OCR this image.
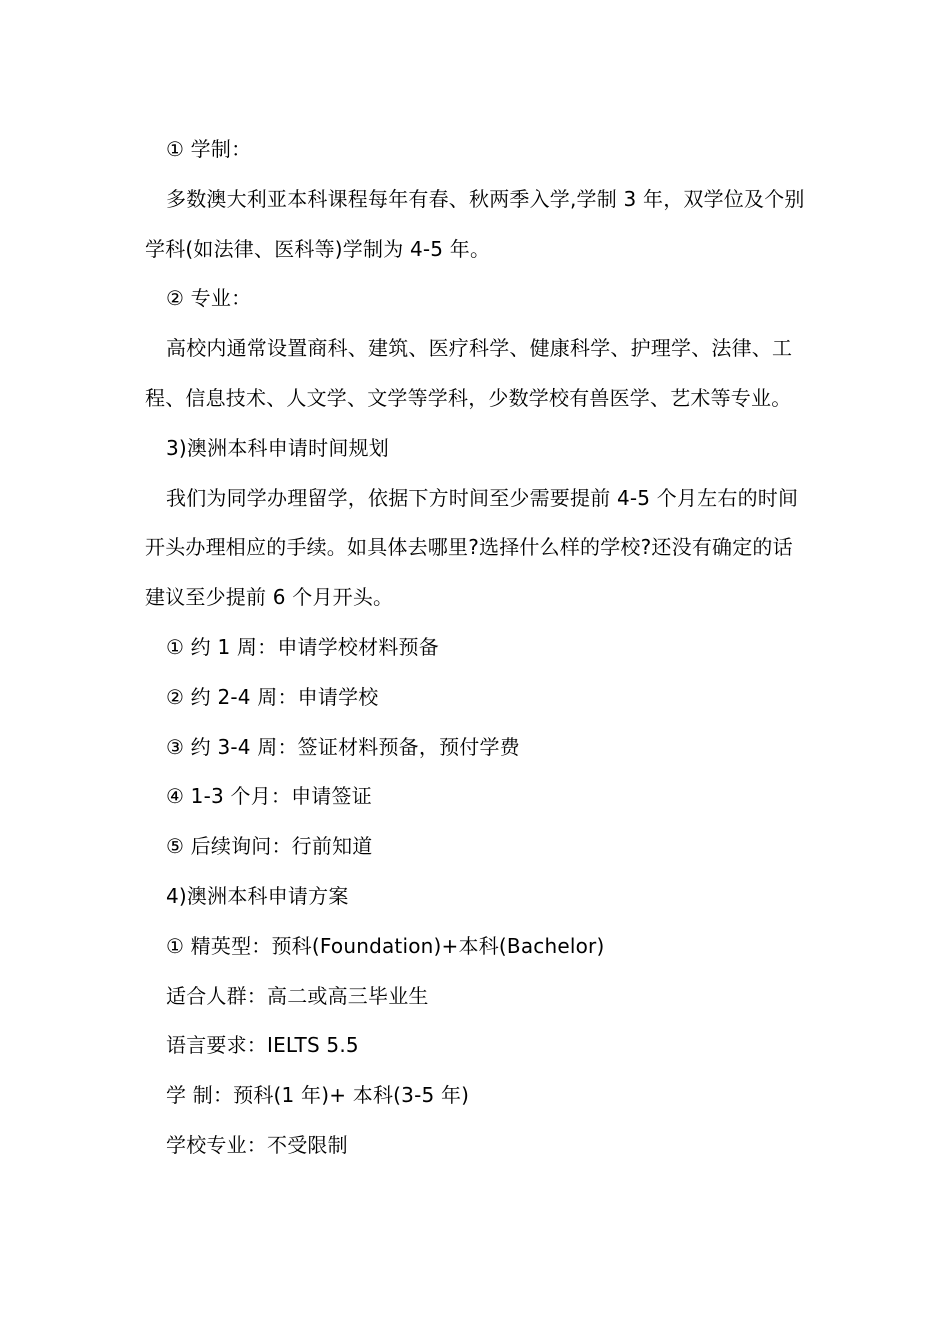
① 学制：

多数澳大利亚本科课程每年有春、秋两季入学,学制 3 年，双学位及个别学科(如法律、医科等)学制为 4-5 年。

② 专业：

高校内通常设置商科、建筑、医疗科学、健康科学、护理学、法律、工程、信息技术、人文学、文学等学科，少数学校有兽医学、艺术等专业。

3)澳洲本科申请时间规划

我们为同学办理留学，依据下方时间至少需要提前 4-5 个月左右的时间开头办理相应的手续。如具体去哪里?选择什么样的学校?还没有确定的话建议至少提前 6 个月开头。

① 约 1 周：申请学校材料预备

② 约 2-4 周：申请学校

③ 约 3-4 周：签证材料预备，预付学费

④ 1-3 个月：申请签证

⑤ 后续询问：行前知道

4)澳洲本科申请方案

① 精英型：预科(Foundation)+本科(Bachelor)

适合人群：高二或高三毕业生

语言要求：IELTS 5.5

学 制：预科(1 年)+ 本科(3-5 年)

学校专业：不受限制
